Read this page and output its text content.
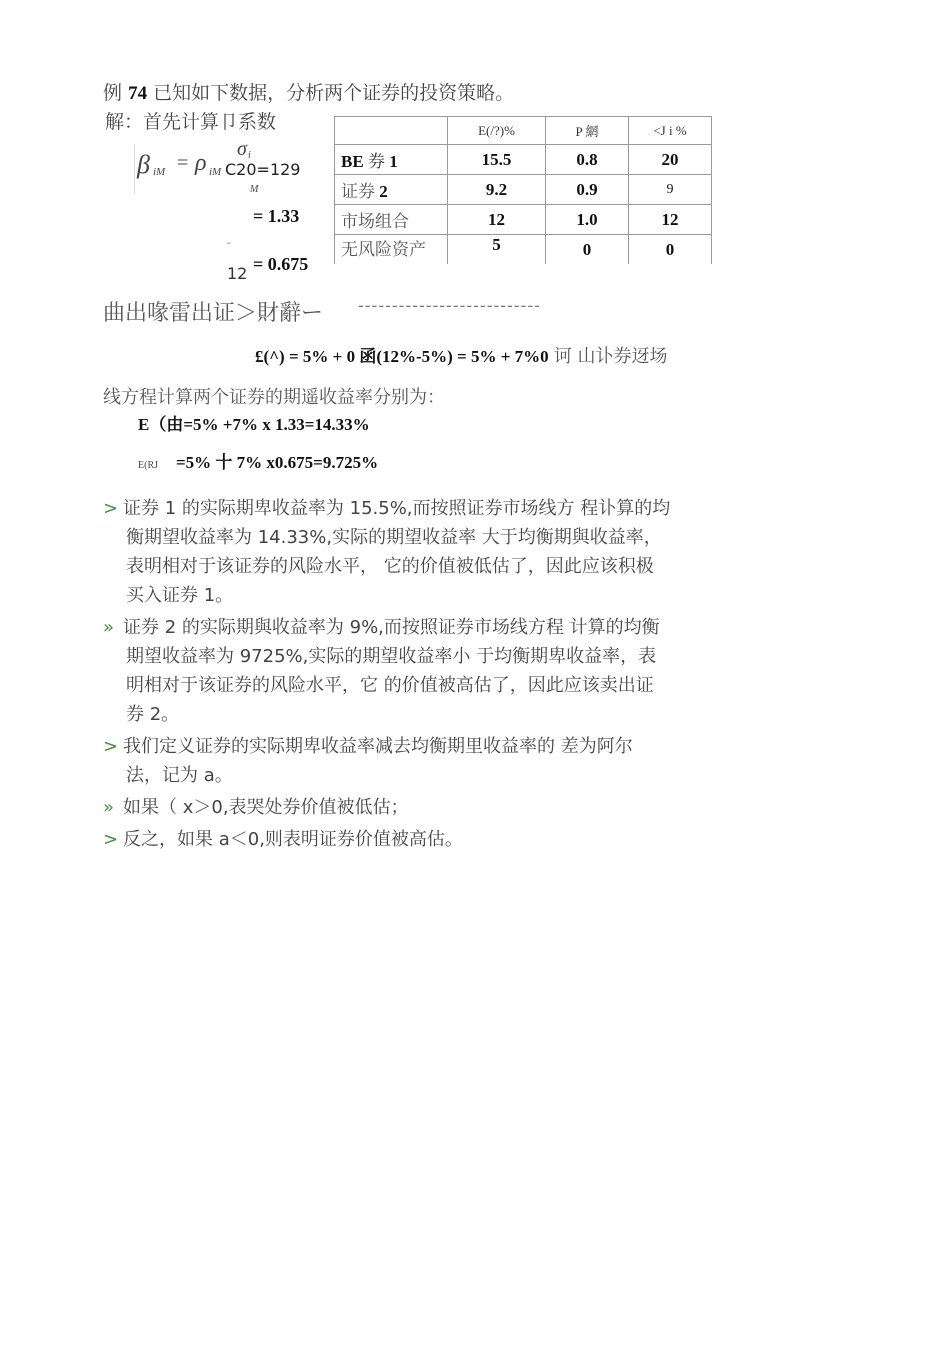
例 74 已知如下数据，分析两个证券的投资策略。
解：首先计算卩系数
β iM = ρ iM
σ i
M
C20=129
= 1.33
–
12 = 0.675
	E(/?)%	P 網	<J i %
BE 券 1	15.5	0.8	20
证券 2	9.2	0.9	9
市场组合	12	1.0	12
无风险资产	5	0	0
曲出喙雷出证＞財辭ー ---------------------------
£(^) = 5% + 0 函(12%-5%) = 5% + 7%0 诃 山讣券迓场
线方程计算两个证券的期遥收益率分别为：
E（由=5% +7% x 1.33=14.33%
E(RJ =5% 十 7% x0.675=9.725%
> 证券 1 的实际期卑收益率为 15.5%,而按照证券市场线方 程讣算的均
衡期望收益率为 14.33%,实际的期望收益率 大于均衡期與收益率，
表明相对于该证券的风险水平， 它的价值被低估了，因此应该积极
买入证券 1。
» 证券 2 的实际期與收益率为 9%,而按照证券市场线方程 计算的均衡
期望收益率为 9725%,实际的期望收益率小 于均衡期卑收益率，表
明相对于该证券的风险水平，它 的价值被高估了，因此应该卖出证
券 2。
> 我们定义证券的实际期卑收益率减去均衡期里收益率的 差为阿尔
法，记为 a。
» 如果（ x＞0,表哭处券价值被低估；
> 反之，如果 a＜0,则表明证券价值被高估。
